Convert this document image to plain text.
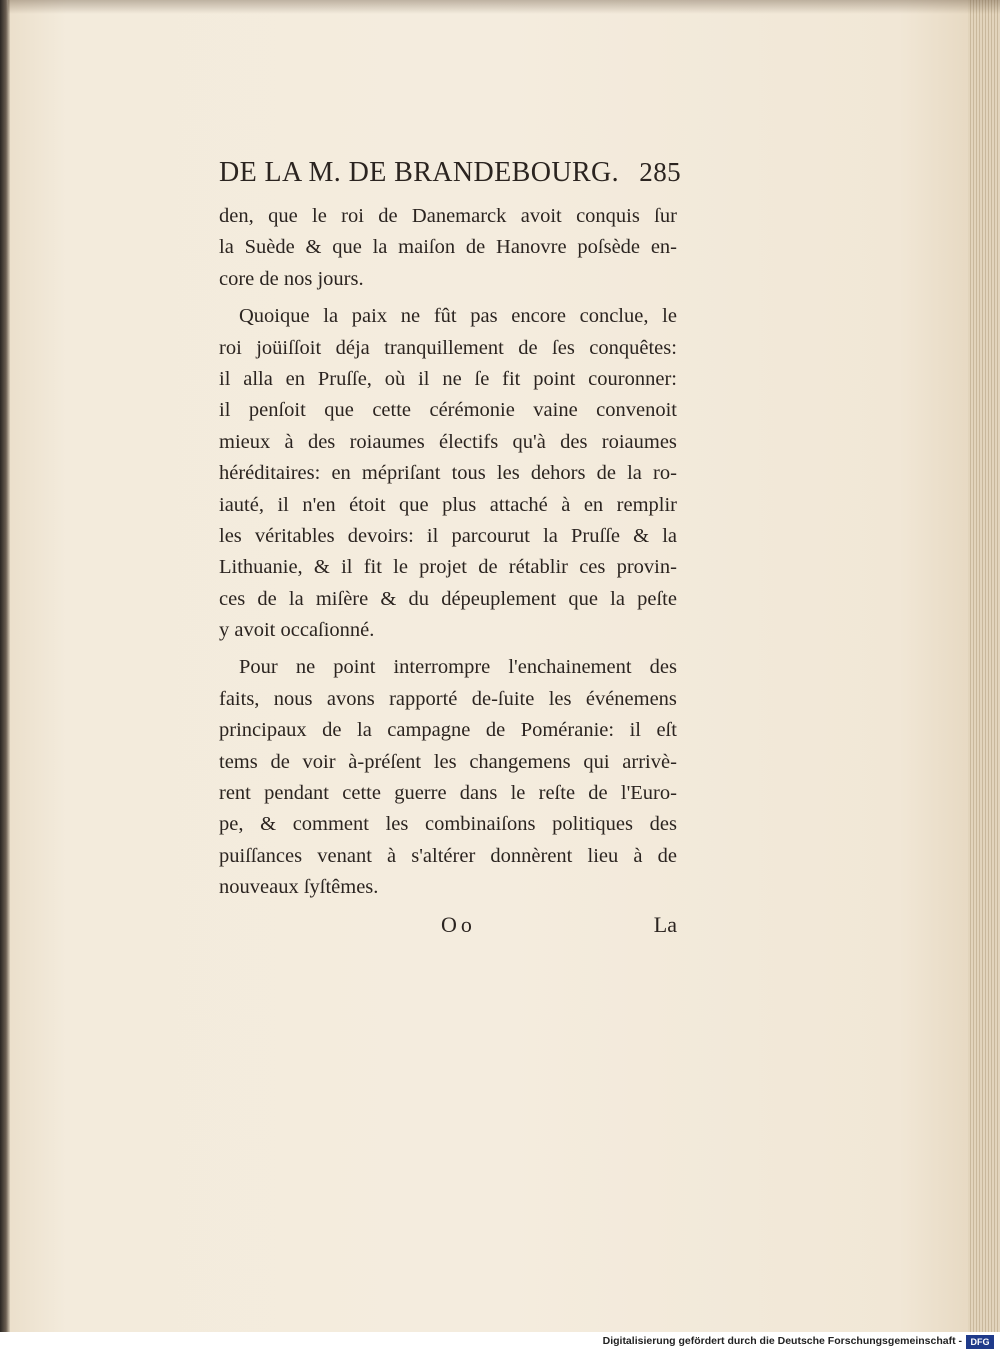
DE LA M. DE BRANDEBOURG. 285
den, que le roi de Danemarck avoit conquis ſur
la Suède & que la maiſon de Hanovre poſsède en-
core de nos jours.
Quoique la paix ne fût pas encore conclue, le
roi joüiſſoit déja tranquillement de ſes conquêtes:
il alla en Pruſſe, où il ne ſe fit point couronner:
il penſoit que cette cérémonie vaine convenoit
mieux à des roiaumes électifs qu'à des roiaumes
héréditaires: en mépriſant tous les dehors de la ro-
iauté, il n'en étoit que plus attaché à en remplir
les véritables devoirs: il parcourut la Pruſſe & la
Lithuanie, & il fit le projet de rétablir ces provin-
ces de la miſère & du dépeuplement que la peſte
y avoit occaſionné.
Pour ne point interrompre l'enchainement des
faits, nous avons rapporté de-ſuite les événemens
principaux de la campagne de Poméranie: il eſt
tems de voir à-préſent les changemens qui arrivè-
rent pendant cette guerre dans le reſte de l'Euro-
pe, & comment les combinaiſons politiques des
puiſſances venant à s'altérer donnèrent lieu à de
nouveaux ſyſtêmes.
Oo	La
Digitalisierung gefördert durch die Deutsche Forschungsgemeinschaft - DFG
